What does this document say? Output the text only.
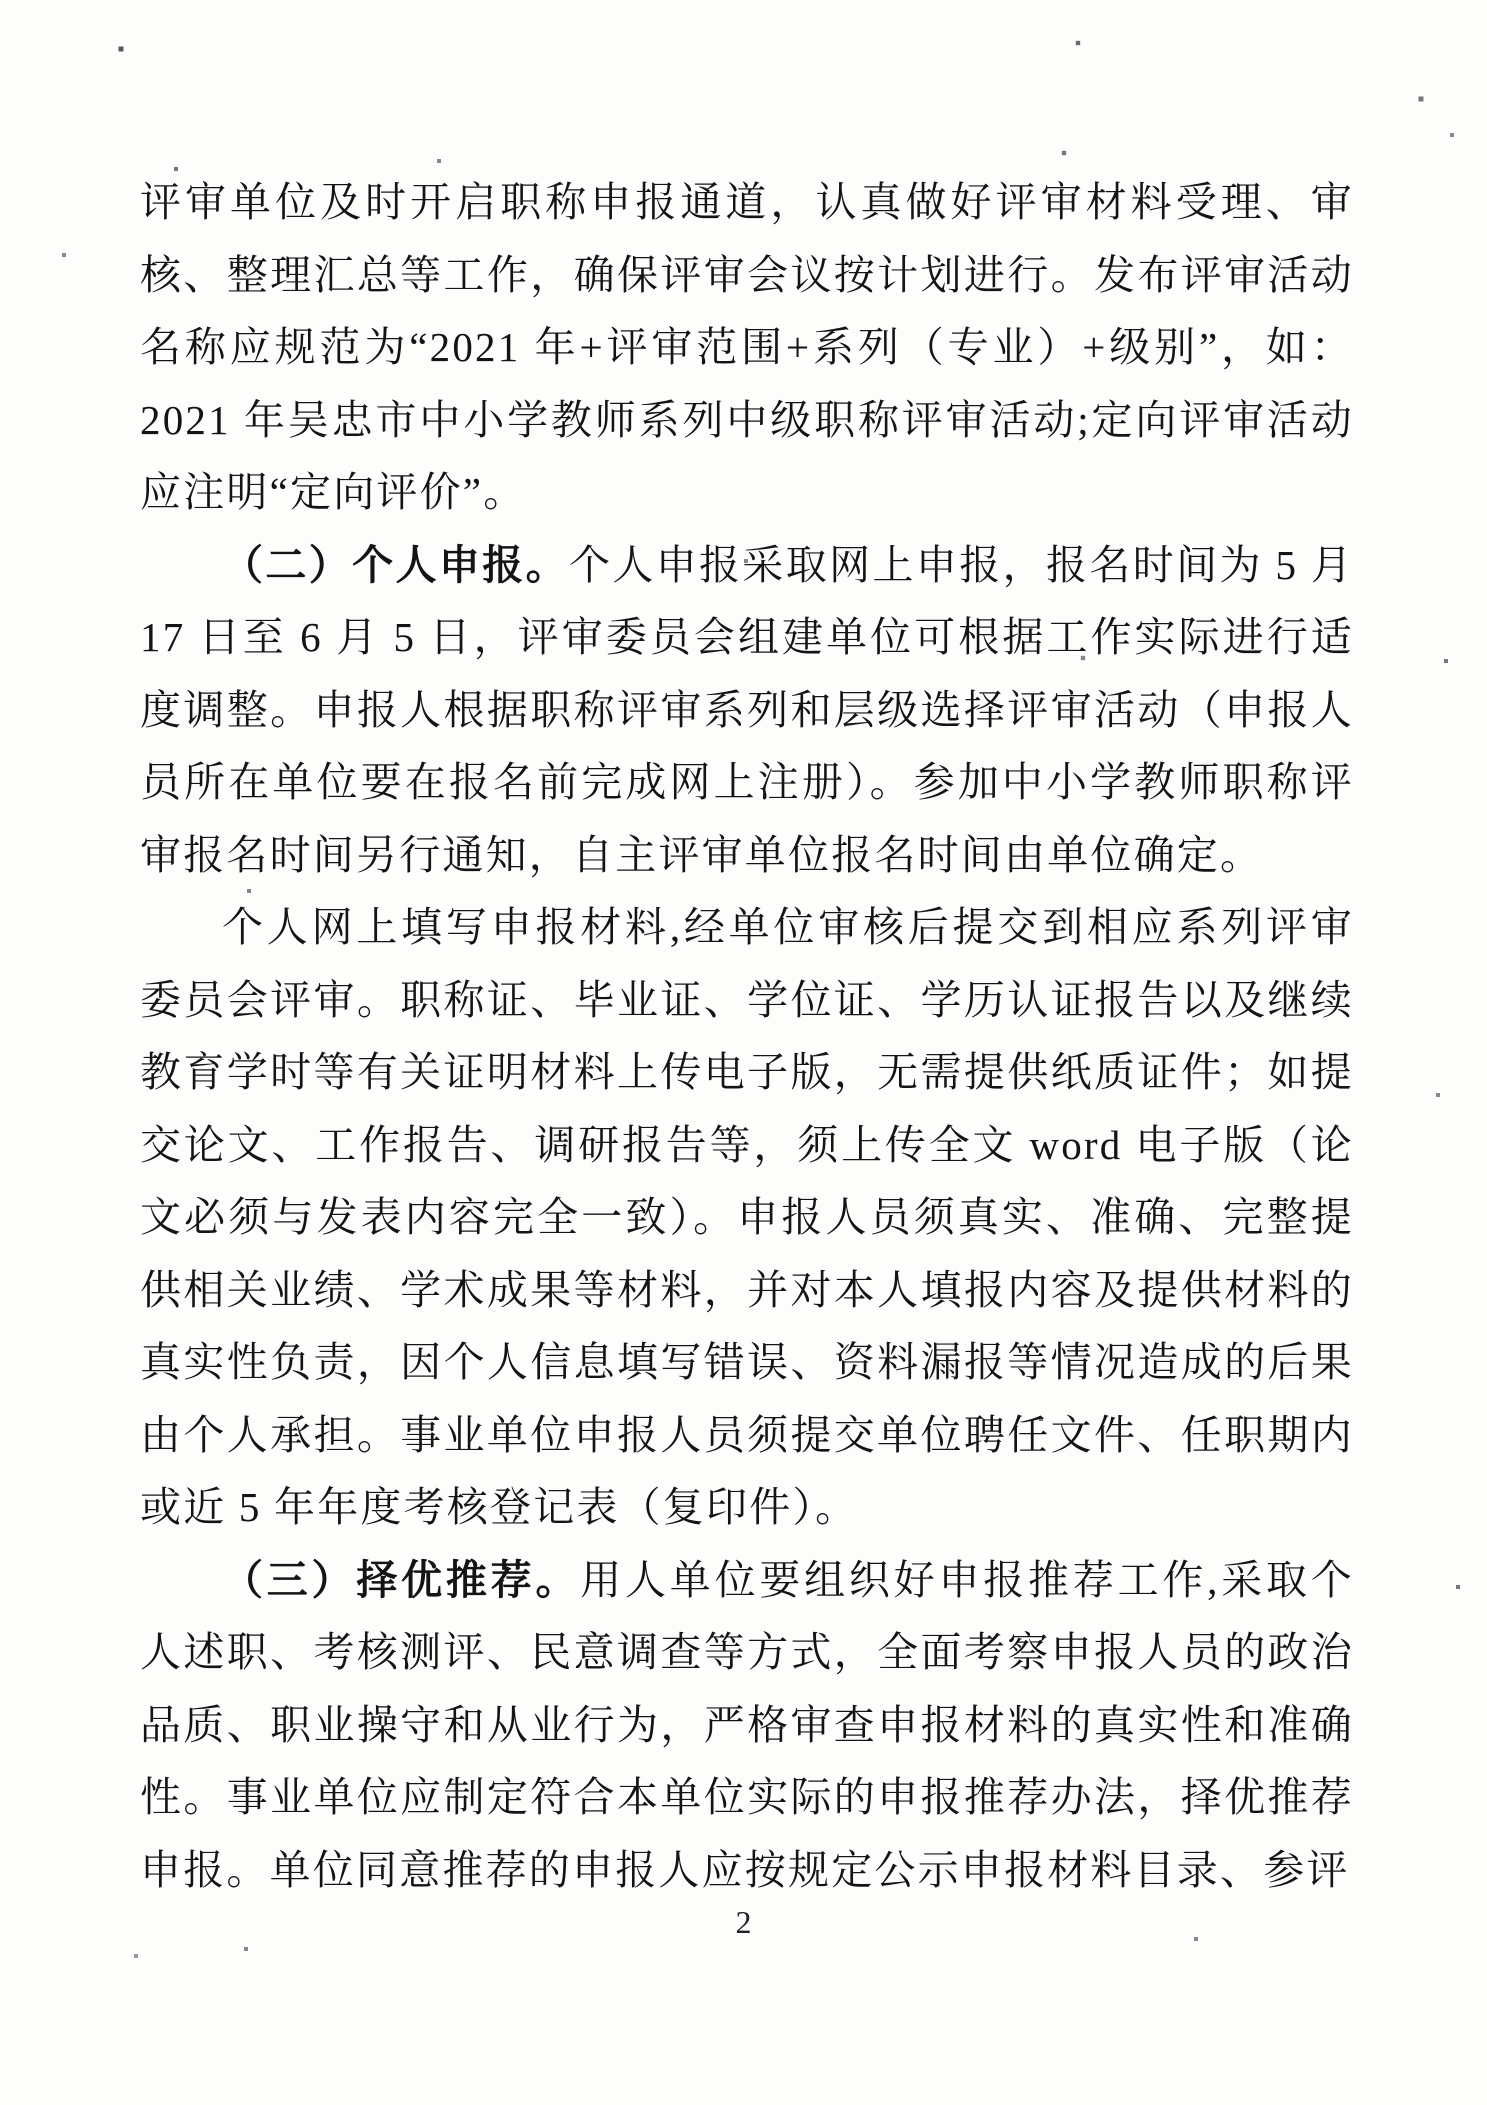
评审单位及时开启职称申报通道，认真做好评审材料受理、审核、整理汇总等工作，确保评审会议按计划进行。发布评审活动名称应规范为“2021 年+评审范围+系列（专业）+级别”，如：2021 年吴忠市中小学教师系列中级职称评审活动;定向评审活动应注明“定向评价”。

（二）个人申报。个人申报采取网上申报，报名时间为 5 月 17 日至 6 月 5 日，评审委员会组建单位可根据工作实际进行适度调整。申报人根据职称评审系列和层级选择评审活动（申报人员所在单位要在报名前完成网上注册）。参加中小学教师职称评审报名时间另行通知，自主评审单位报名时间由单位确定。

个人网上填写申报材料,经单位审核后提交到相应系列评审委员会评审。职称证、毕业证、学位证、学历认证报告以及继续教育学时等有关证明材料上传电子版，无需提供纸质证件；如提交论文、工作报告、调研报告等，须上传全文 word 电子版（论文必须与发表内容完全一致）。申报人员须真实、准确、完整提供相关业绩、学术成果等材料，并对本人填报内容及提供材料的真实性负责，因个人信息填写错误、资料漏报等情况造成的后果由个人承担。事业单位申报人员须提交单位聘任文件、任职期内或近 5 年年度考核登记表（复印件）。

（三）择优推荐。用人单位要组织好申报推荐工作,采取个人述职、考核测评、民意调查等方式，全面考察申报人员的政治品质、职业操守和从业行为，严格审查申报材料的真实性和准确性。事业单位应制定符合本单位实际的申报推荐办法，择优推荐申报。单位同意推荐的申报人应按规定公示申报材料目录、参评

2
